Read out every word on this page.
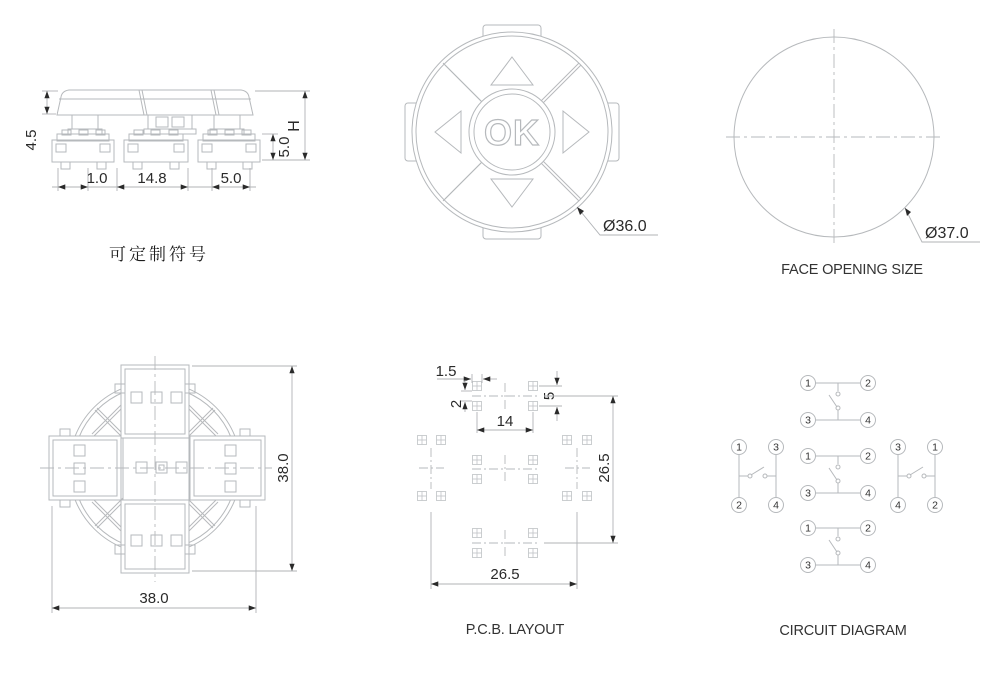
4.5
H
5.0
1.0 14.8	5.0
可定制符号
OK
Ø36.0	Ø37.0
FACE OPENING SIZE
38.0
38.0
1.5
2
14
5
26.5
26.5
P.C.B. LAYOUT
1	2
3	4
1	2
3	4
1	2
3	4
1	3
2	4
3	1
4	2
CIRCUIT DIAGRAM
